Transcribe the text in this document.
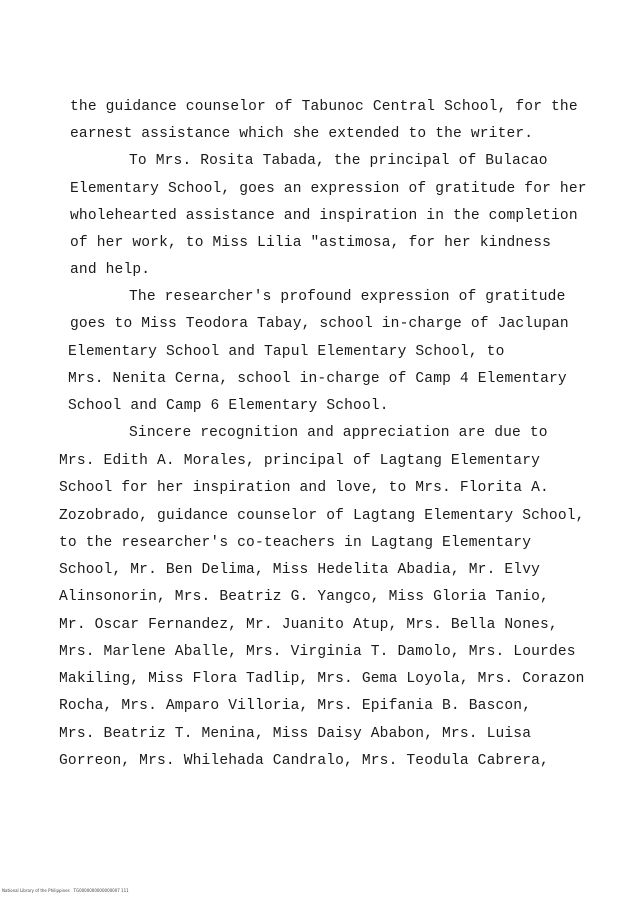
the guidance counselor of Tabunoc Central School, for the
earnest assistance which she extended to the writer.
To Mrs. Rosita Tabada, the principal of Bulacao
Elementary School, goes an expression of gratitude for her
wholehearted assistance and inspiration in the completion
of her work, to Miss Lilia "astimosa, for her kindness
and help.
The researcher's profound expression of gratitude
goes to Miss Teodora Tabay, school in-charge of Jaclupan
Elementary School and Tapul Elementary School, to
Mrs. Nenita Cerna, school in-charge of Camp 4 Elementary
School and Camp 6 Elementary School.
Sincere recognition and appreciation are due to
Mrs. Edith A. Morales, principal of Lagtang Elementary
School for her inspiration and love, to Mrs. Florita A.
Zozobrado, guidance counselor of Lagtang Elementary School,
to the researcher's co-teachers in Lagtang Elementary
School, Mr. Ben Delima, Miss Hedelita Abadia, Mr. Elvy
Alinsonorin, Mrs. Beatriz G. Yangco, Miss Gloria Tanio,
Mr. Oscar Fernandez, Mr. Juanito Atup, Mrs. Bella Nones,
Mrs. Marlene Aballe, Mrs. Virginia T. Damolo, Mrs. Lourdes
Makiling, Miss Flora Tadlip, Mrs. Gema Loyola, Mrs. Corazon
Rocha, Mrs. Amparo Villoria, Mrs. Epifania B. Bascon,
Mrs. Beatriz T. Menina, Miss Daisy Ababon, Mrs. Luisa
Gorreon, Mrs. Whilehada Candralo, Mrs. Teodula Cabrera,
National Library of the Philippines   TG0000000000000007 111
